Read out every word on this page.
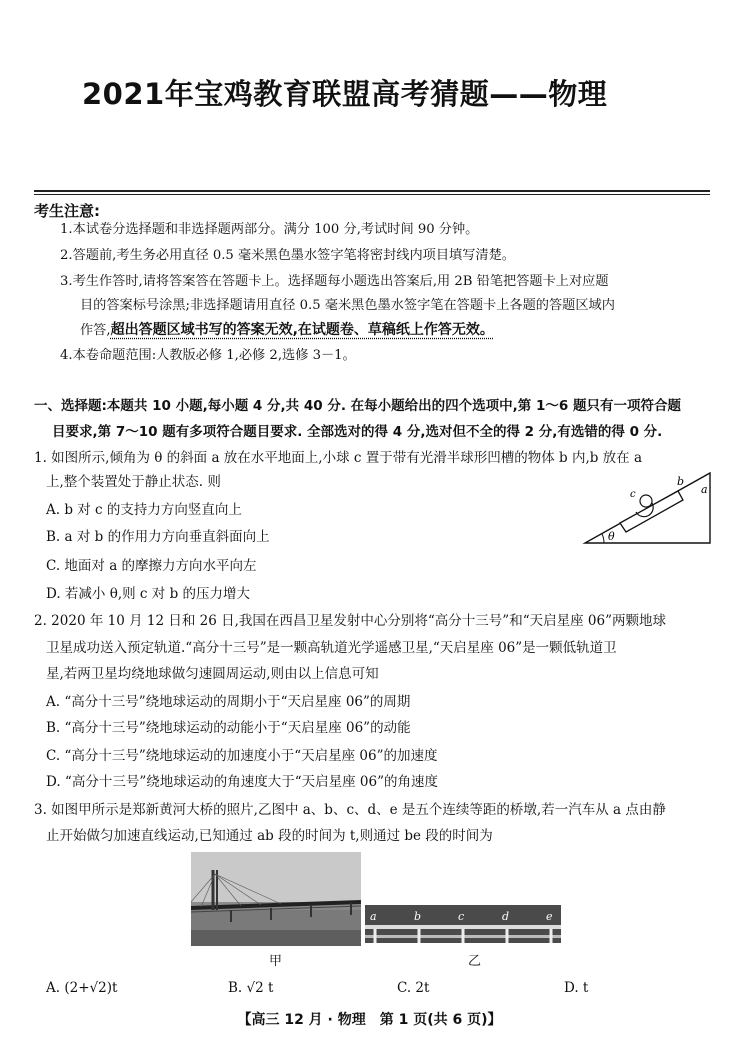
2021年宝鸡教育联盟高考猜题——物理
考生注意:
1.本试卷分选择题和非选择题两部分。满分 100 分,考试时间 90 分钟。
2.答题前,考生务必用直径 0.5 毫米黑色墨水签字笔将密封线内项目填写清楚。
3.考生作答时,请将答案答在答题卡上。选择题每小题选出答案后,用 2B 铅笔把答题卡上对应题
目的答案标号涂黑;非选择题请用直径 0.5 毫米黑色墨水签字笔在答题卡上各题的答题区域内
作答,超出答题区域书写的答案无效,在试题卷、草稿纸上作答无效。
4.本卷命题范围:人教版必修 1,必修 2,选修 3－1。
一、选择题:本题共 10 小题,每小题 4 分,共 40 分. 在每小题给出的四个选项中,第 1～6 题只有一项符合题
目要求,第 7～10 题有多项符合题目要求. 全部选对的得 4 分,选对但不全的得 2 分,有选错的得 0 分.
1. 如图所示,倾角为 θ 的斜面 a 放在水平地面上,小球 c 置于带有光滑半球形凹槽的物体 b 内,b 放在 a
上,整个装置处于静止状态. 则
A. b 对 c 的支持力方向竖直向上
B. a 对 b 的作用力方向垂直斜面向上
C. 地面对 a 的摩擦力方向水平向左
D. 若减小 θ,则 c 对 b 的压力增大
θ
a
b
c
2. 2020 年 10 月 12 日和 26 日,我国在西昌卫星发射中心分别将“高分十三号”和“天启星座 06”两颗地球
卫星成功送入预定轨道.“高分十三号”是一颗高轨道光学遥感卫星,“天启星座 06”是一颗低轨道卫
星,若两卫星均绕地球做匀速圆周运动,则由以上信息可知
A. “高分十三号”绕地球运动的周期小于“天启星座 06”的周期
B. “高分十三号”绕地球运动的动能小于“天启星座 06”的动能
C. “高分十三号”绕地球运动的加速度小于“天启星座 06”的加速度
D. “高分十三号”绕地球运动的角速度大于“天启星座 06”的角速度
3. 如图甲所示是郑新黄河大桥的照片,乙图中 a、b、c、d、e 是五个连续等距的桥墩,若一汽车从 a 点由静
止开始做匀加速直线运动,已知通过 ab 段的时间为 t,则通过 be 段的时间为
a	b	c	d	e
甲	乙
A. (2+√2)t	B. √2 t	C. 2t	D. t
【高三 12 月 · 物理　第 1 页(共 6 页)】
